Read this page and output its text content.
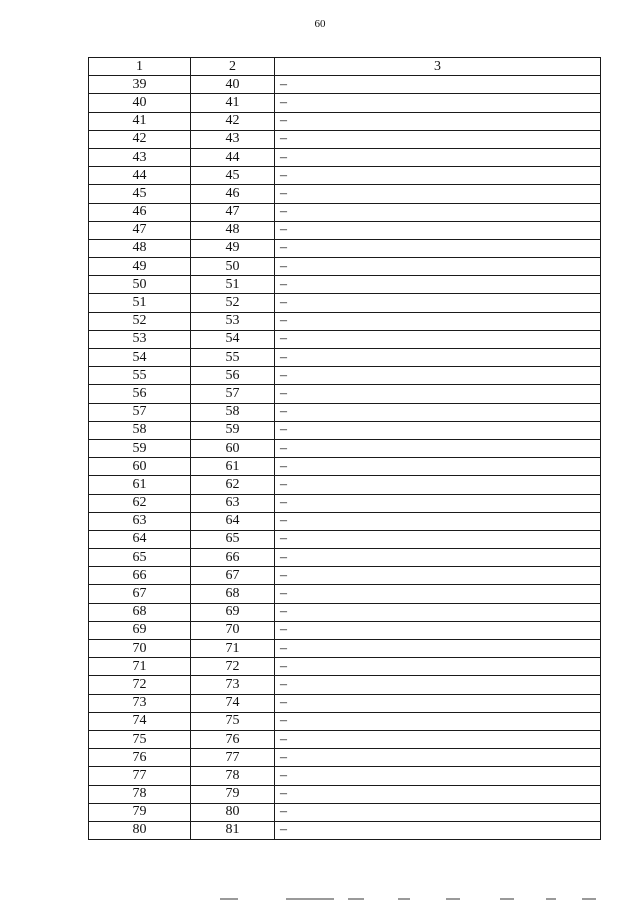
60
1	2	3
39	40	–
40	41	–
41	42	–
42	43	–
43	44	–
44	45	–
45	46	–
46	47	–
47	48	–
48	49	–
49	50	–
50	51	–
51	52	–
52	53	–
53	54	–
54	55	–
55	56	–
56	57	–
57	58	–
58	59	–
59	60	–
60	61	–
61	62	–
62	63	–
63	64	–
64	65	–
65	66	–
66	67	–
67	68	–
68	69	–
69	70	–
70	71	–
71	72	–
72	73	–
73	74	–
74	75	–
75	76	–
76	77	–
77	78	–
78	79	–
79	80	–
80	81	–
